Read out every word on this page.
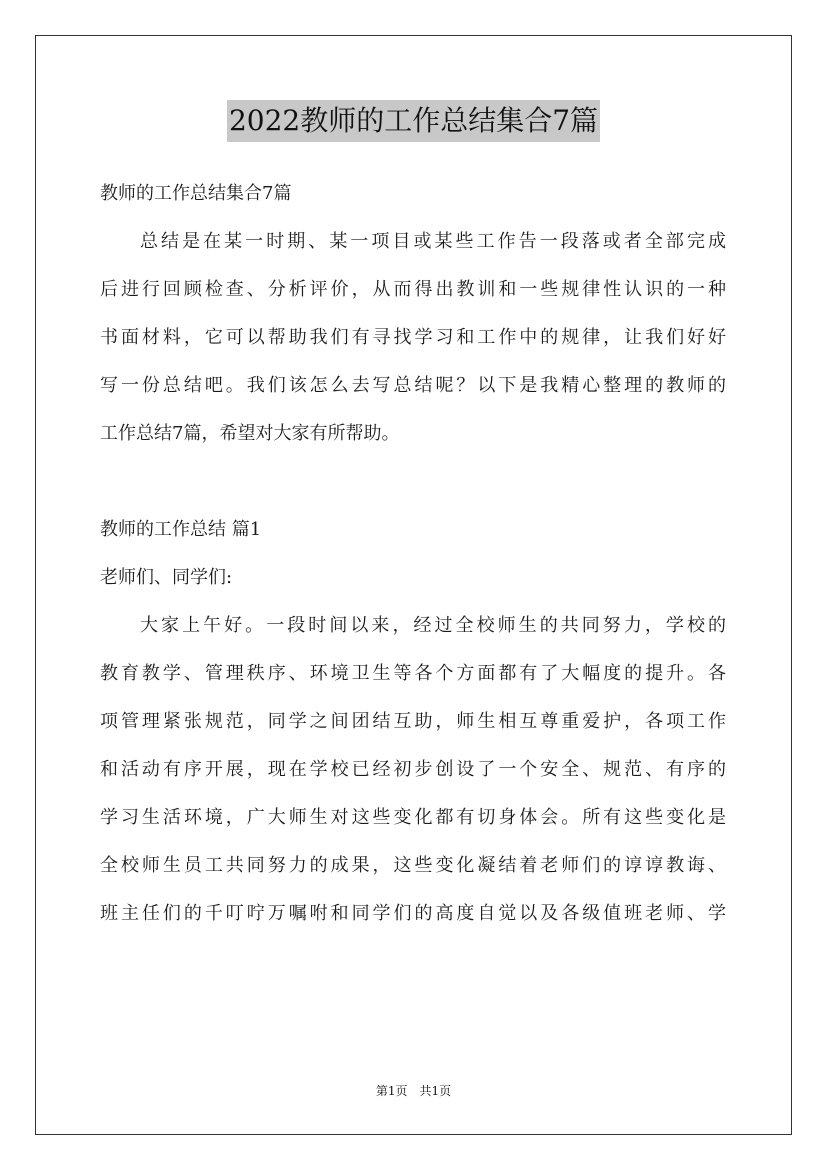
2022教师的工作总结集合7篇
教师的工作总结集合7篇
总结是在某一时期、某一项目或某些工作告一段落或者全部完成
后进行回顾检查、分析评价，从而得出教训和一些规律性认识的一种
书面材料，它可以帮助我们有寻找学习和工作中的规律，让我们好好
写一份总结吧。我们该怎么去写总结呢？以下是我精心整理的教师的
工作总结7篇，希望对大家有所帮助。
教师的工作总结 篇1
老师们、同学们:
大家上午好。一段时间以来，经过全校师生的共同努力，学校的
教育教学、管理秩序、环境卫生等各个方面都有了大幅度的提升。各
项管理紧张规范，同学之间团结互助，师生相互尊重爱护，各项工作
和活动有序开展，现在学校已经初步创设了一个安全、规范、有序的
学习生活环境，广大师生对这些变化都有切身体会。所有这些变化是
全校师生员工共同努力的成果，这些变化凝结着老师们的谆谆教诲、
班主任们的千叮咛万嘱咐和同学们的高度自觉以及各级值班老师、学
第1页　共1页
